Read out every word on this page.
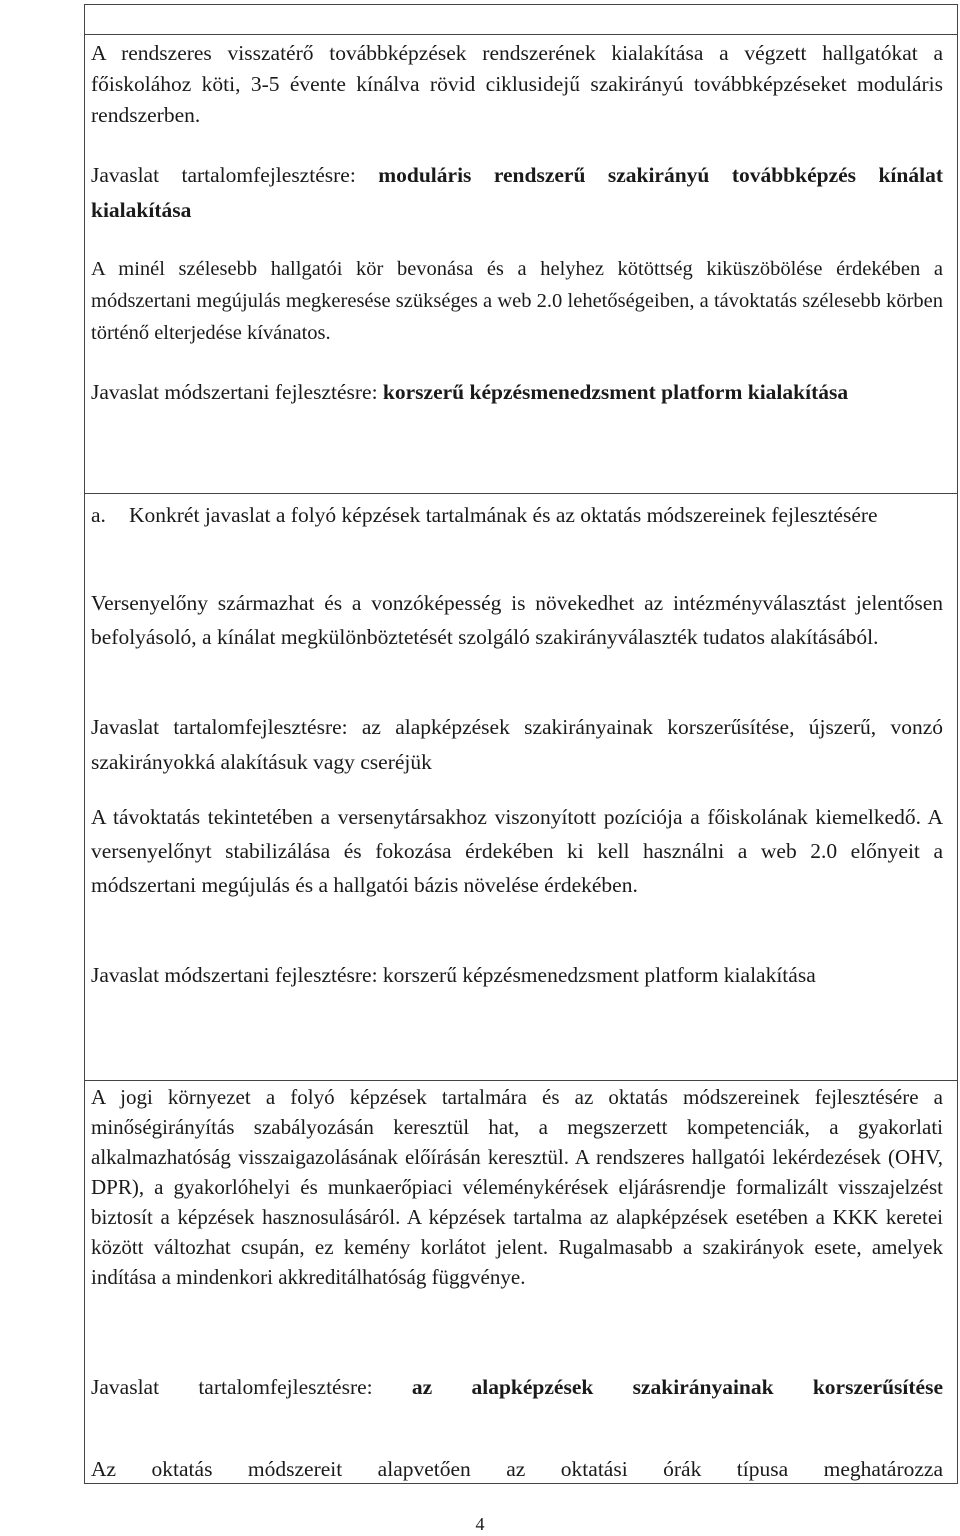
A rendszeres visszatérő továbbképzések rendszerének kialakítása a végzett hallgatókat a főiskolához köti, 3-5 évente kínálva rövid ciklusidejű szakirányú továbbképzéseket moduláris rendszerben.

Javaslat tartalomfejlesztésre: moduláris rendszerű szakirányú továbbképzés kínálat kialakítása

A minél szélesebb hallgatói kör bevonása és a helyhez kötöttség kiküszöbölése érdekében a módszertani megújulás megkeresése szükséges a web 2.0 lehetőségeiben, a távoktatás szélesebb körben történő elterjedése kívánatos.

Javaslat módszertani fejlesztésre: korszerű képzésmenedzsment platform kialakítása

a. Konkrét javaslat a folyó képzések tartalmának és az oktatás módszereinek fejlesztésére

Versenyelőny származhat és a vonzóképesség is növekedhet az intézményválasztást jelentősen befolyásoló, a kínálat megkülönböztetését szolgáló szakirányválaszték tudatos alakításából.

Javaslat tartalomfejlesztésre: az alapképzések szakirányainak korszerűsítése, újszerű, vonzó szakirányokká alakításuk vagy cseréjük

A távoktatás tekintetében a versenytársakhoz viszonyított pozíciója a főiskolának kiemelkedő. A versenyelőnyt stabilizálása és fokozása érdekében ki kell használni a web 2.0 előnyeit a módszertani megújulás és a hallgatói bázis növelése érdekében.

Javaslat módszertani fejlesztésre: korszerű képzésmenedzsment platform kialakítása

A jogi környezet a folyó képzések tartalmára és az oktatás módszereinek fejlesztésére a minőségirányítás szabályozásán keresztül hat, a megszerzett kompetenciák, a gyakorlati alkalmazhatóság visszaigazolásának előírásán keresztül. A rendszeres hallgatói lekérdezések (OHV, DPR), a gyakorlóhelyi és munkaerőpiaci véleménykérések eljárásrendje formalizált visszajelzést biztosít a képzések hasznosulásáról. A képzések tartalma az alapképzések esetében a KKK keretei között változhat csupán, ez kemény korlátot jelent. Rugalmasabb a szakirányok esete, amelyek indítása a mindenkori akkreditálhatóság függvénye.

Javaslat tartalomfejlesztésre: az alapképzések szakirányainak korszerűsítése

Az oktatás módszereit alapvetően az oktatási órák típusa meghatározza

4
